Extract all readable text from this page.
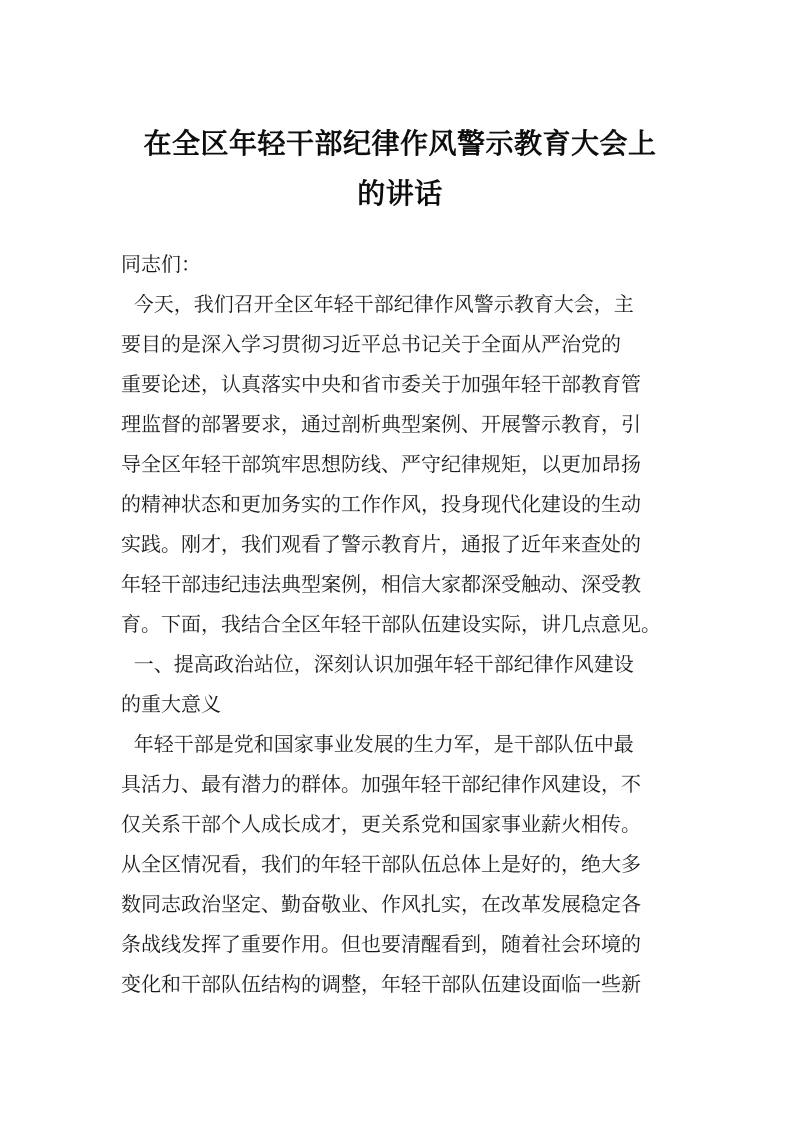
在全区年轻干部纪律作风警示教育大会上
的讲话
同志们：
今天，我们召开全区年轻干部纪律作风警示教育大会，主
要目的是深入学习贯彻习近平总书记关于全面从严治党的
重要论述，认真落实中央和省市委关于加强年轻干部教育管
理监督的部署要求，通过剖析典型案例、开展警示教育，引
导全区年轻干部筑牢思想防线、严守纪律规矩，以更加昂扬
的精神状态和更加务实的工作作风，投身现代化建设的生动
实践。刚才，我们观看了警示教育片，通报了近年来查处的
年轻干部违纪违法典型案例，相信大家都深受触动、深受教
育。下面，我结合全区年轻干部队伍建设实际，讲几点意见。
一、提高政治站位，深刻认识加强年轻干部纪律作风建设
的重大意义
年轻干部是党和国家事业发展的生力军，是干部队伍中最
具活力、最有潜力的群体。加强年轻干部纪律作风建设，不
仅关系干部个人成长成才，更关系党和国家事业薪火相传。
从全区情况看，我们的年轻干部队伍总体上是好的，绝大多
数同志政治坚定、勤奋敬业、作风扎实，在改革发展稳定各
条战线发挥了重要作用。但也要清醒看到，随着社会环境的
变化和干部队伍结构的调整，年轻干部队伍建设面临一些新
